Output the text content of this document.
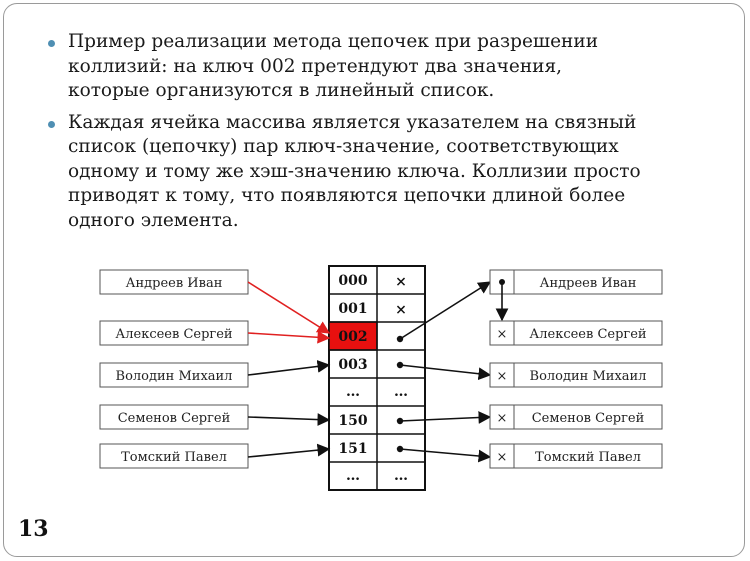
Пример реализации метода цепочек при разрешении коллизий: на ключ 002 претендуют два значения, которые организуются в линейный список.
Каждая ячейка массива является указателем на связный список (цепочку) пар ключ-значение, соответствующих одному и тому же хэш-значению ключа. Коллизии просто приводят к тому, что появляются цепочки длиной более одного элемента.
Андреев Иван
Алексеев Сергей
Володин Михаил
Семенов Сергей
Томский Павел
000
001
002
003
…
150
151
…
×
×
…
…
Андреев Иван
× Алексеев Сергей
× Володин Михаил
× Семенов Сергей
× Томский Павел
13
